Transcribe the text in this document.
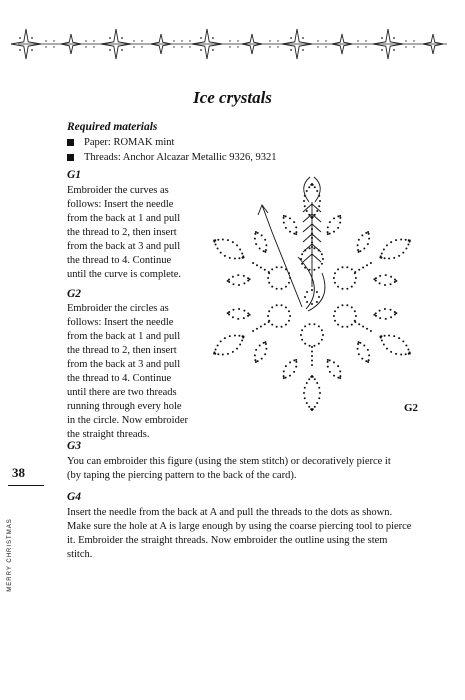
Ice crystals
Required materials
Paper: ROMAK mint
Threads: Anchor Alcazar Metallic 9326, 9321
G1
Embroider the curves as
follows: Insert the needle
from the back at 1 and pull
the thread to 2, then insert
from the back at 3 and pull
the thread to 4. Continue
until the curve is complete.
G2
Embroider the circles as
follows: Insert the needle
from the back at 1 and pull
the thread to 2, then insert
from the back at 3 and pull
the thread to 4. Continue
until there are two threads
running through every hole
in the circle. Now embroider
the straight threads.
G3
You can embroider this figure (using the stem stitch) or decoratively pierce it
(by taping the piercing pattern to the back of the card).
G4
Insert the needle from the back at A and pull the threads to the dots as shown.
Make sure the hole at A is large enough by using the coarse piercing tool to pierce
it. Embroider the straight threads. Now embroider the outline using the stem
stitch.
G2
38
MERRY CHRISTMAS
